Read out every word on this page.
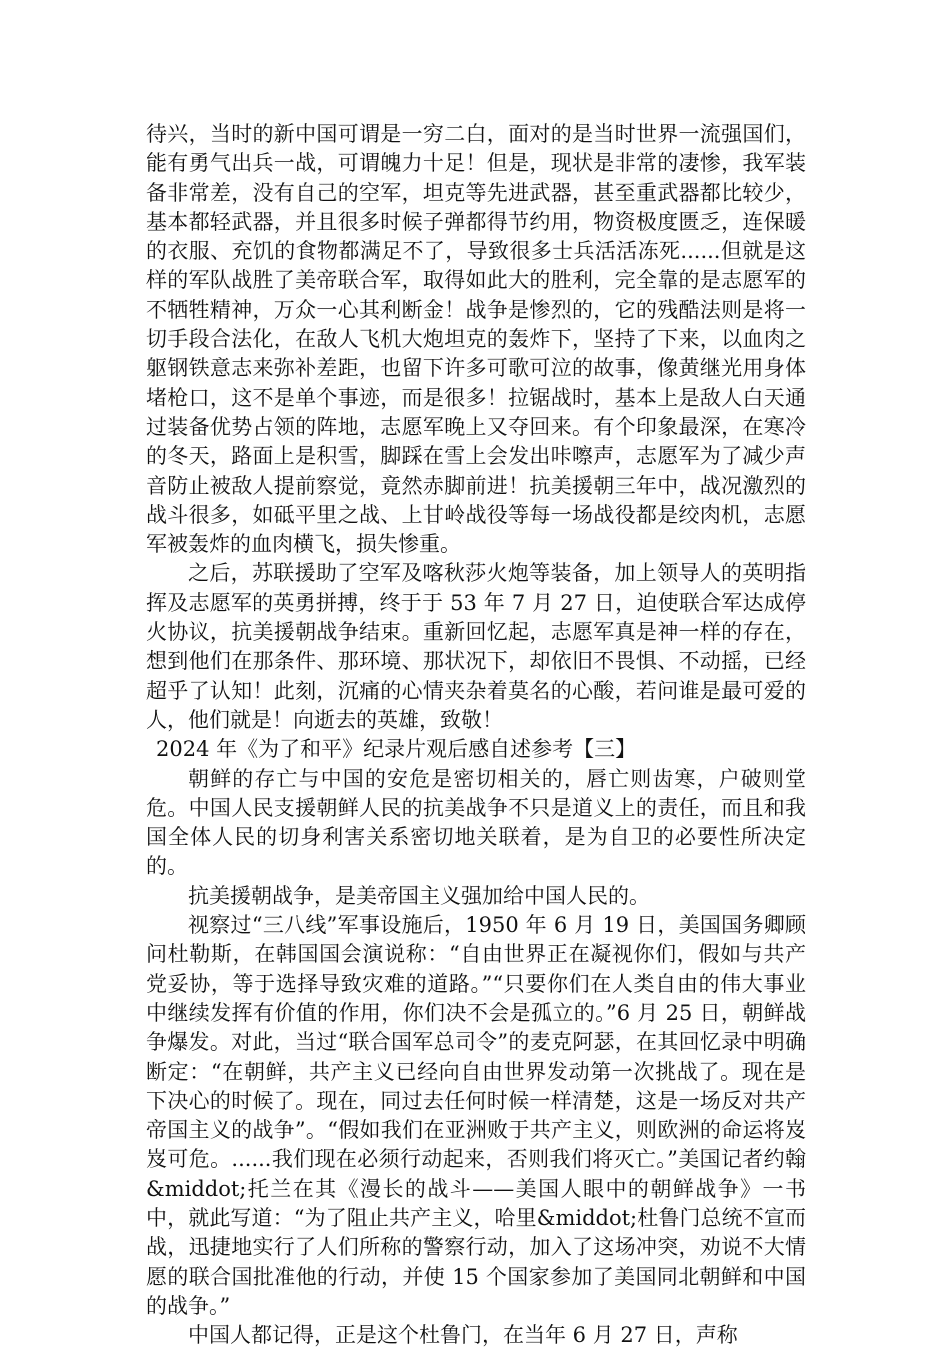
待兴，当时的新中国可谓是一穷二白，面对的是当时世界一流强国们，能有勇气出兵一战，可谓魄力十足！但是，现状是非常的凄惨，我军装备非常差，没有自己的空军，坦克等先进武器，甚至重武器都比较少，基本都轻武器，并且很多时候子弹都得节约用，物资极度匮乏，连保暖的衣服、充饥的食物都满足不了，导致很多士兵活活冻死......但就是这样的军队战胜了美帝联合军，取得如此大的胜利，完全靠的是志愿军的不牺牲精神，万众一心其利断金！战争是惨烈的，它的残酷法则是将一切手段合法化，在敌人飞机大炮坦克的轰炸下，坚持了下来，以血肉之躯钢铁意志来弥补差距，也留下许多可歌可泣的故事，像黄继光用身体堵枪口，这不是单个事迹，而是很多！拉锯战时，基本上是敌人白天通过装备优势占领的阵地，志愿军晚上又夺回来。有个印象最深，在寒冷的冬天，路面上是积雪，脚踩在雪上会发出咔嚓声，志愿军为了减少声音防止被敌人提前察觉，竟然赤脚前进！抗美援朝三年中，战况激烈的战斗很多，如砥平里之战、上甘岭战役等每一场战役都是绞肉机，志愿军被轰炸的血肉横飞，损失惨重。

之后，苏联援助了空军及喀秋莎火炮等装备，加上领导人的英明指挥及志愿军的英勇拼搏，终于于 53 年 7 月 27 日，迫使联合军达成停火协议，抗美援朝战争结束。重新回忆起，志愿军真是神一样的存在，想到他们在那条件、那环境、那状况下，却依旧不畏惧、不动摇，已经超乎了认知！此刻，沉痛的心情夹杂着莫名的心酸，若问谁是最可爱的人，他们就是！向逝去的英雄，致敬！

2024 年《为了和平》纪录片观后感自述参考【三】

朝鲜的存亡与中国的安危是密切相关的，唇亡则齿寒，户破则堂危。中国人民支援朝鲜人民的抗美战争不只是道义上的责任，而且和我国全体人民的切身利害关系密切地关联着，是为自卫的必要性所决定的。

抗美援朝战争，是美帝国主义强加给中国人民的。

视察过“三八线”军事设施后，1950 年 6 月 19 日，美国国务卿顾问杜勒斯，在韩国国会演说称：“自由世界正在凝视你们，假如与共产党妥协，等于选择导致灾难的道路。”“只要你们在人类自由的伟大事业中继续发挥有价值的作用，你们决不会是孤立的。”6 月 25 日，朝鲜战争爆发。对此，当过“联合国军总司令”的麦克阿瑟，在其回忆录中明确断定：“在朝鲜，共产主义已经向自由世界发动第一次挑战了。现在是下决心的时候了。现在，同过去任何时候一样清楚，这是一场反对共产帝国主义的战争”。“假如我们在亚洲败于共产主义，则欧洲的命运将岌岌可危。......我们现在必须行动起来，否则我们将灭亡。”美国记者约翰&middot;托兰在其《漫长的战斗——美国人眼中的朝鲜战争》一书中，就此写道：“为了阻止共产主义，哈里&middot;杜鲁门总统不宣而战，迅捷地实行了人们所称的警察行动，加入了这场冲突，劝说不大情愿的联合国批准他的行动，并使 15 个国家参加了美国同北朝鲜和中国的战争。”

中国人都记得，正是这个杜鲁门，在当年 6 月 27 日，声称
